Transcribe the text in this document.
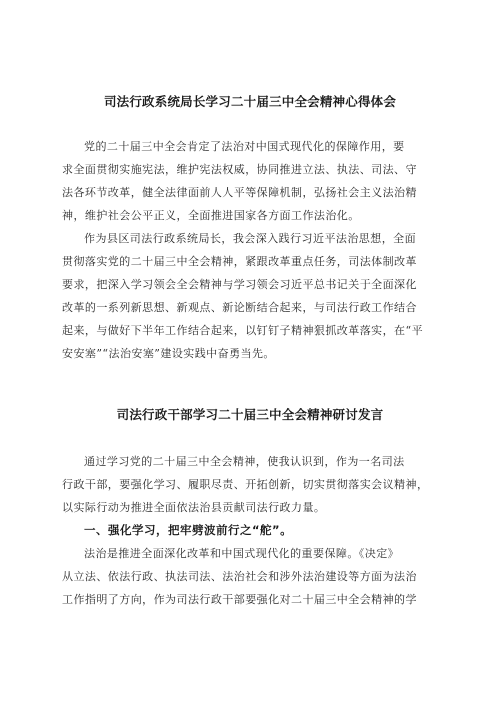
司法行政系统局长学习二十届三中全会精神心得体会
党的二十届三中全会肯定了法治对中国式现代化的保障作用，要
求全面贯彻实施宪法，维护宪法权威，协同推进立法、执法、司法、守
法各环节改革，健全法律面前人人平等保障机制，弘扬社会主义法治精
神，维护社会公平正义，全面推进国家各方面工作法治化。
作为县区司法行政系统局长，我会深入践行习近平法治思想，全面
贯彻落实党的二十届三中全会精神，紧跟改革重点任务，司法体制改革
要求，把深入学习领会全会精神与学习领会习近平总书记关于全面深化
改革的一系列新思想、新观点、新论断结合起来，与司法行政工作结合
起来，与做好下半年工作结合起来，以钉钉子精神狠抓改革落实，在“平
司法行政干部学习二十届三中全会精神研讨发言
通过学习党的二十届三中全会精神，使我认识到，作为一名司法
行政干部，要强化学习、履职尽责、开拓创新，切实贯彻落实会议精神，
以实际行动为推进全面依法治县贡献司法行政力量。
一、强化学习，把牢劈波前行之“舵”。
法治是推进全面深化改革和中国式现代化的重要保障。《决定》
从立法、依法行政、执法司法、法治社会和涉外法治建设等方面为法治
工作指明了方向，作为司法行政干部要强化对二十届三中全会精神的学
安安塞”“法治安塞”建设实践中奋勇当先。
